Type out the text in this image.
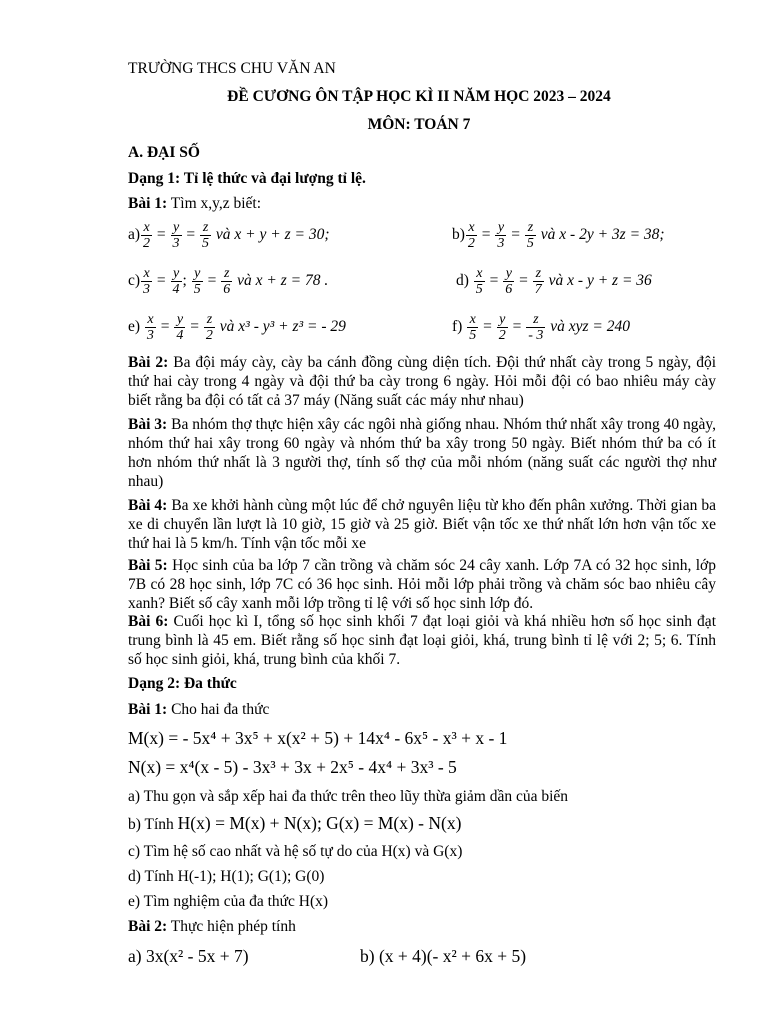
TRƯỜNG THCS CHU VĂN AN
ĐỀ CƯƠNG ÔN TẬP HỌC KÌ II NĂM HỌC 2023 – 2024
MÔN: TOÁN 7
A. ĐẠI SỐ
Dạng 1: Tỉ lệ thức và đại lượng tỉ lệ.
Bài 1: Tìm x,y,z biết:
$a) \frac{x}{2} = \frac{y}{3} = \frac{z}{5}$ và x + y + z = 30;	$b) \frac{x}{2} = \frac{y}{3} = \frac{z}{5}$ và x - 2y + 3z = 38;
$c) \frac{x}{3} = \frac{y}{4}$ ; $\frac{y}{5} = \frac{z}{6}$ và x + z = 78 .	$d) \frac{x}{5} = \frac{y}{6} = \frac{z}{7}$ và x - y + z = 36
$e) \frac{x}{3} = \frac{y}{4} = \frac{z}{2}$ và x³ - y³ + z³ = - 29	$f) \frac{x}{5} = \frac{y}{2} = \frac{z}{- 3}$ và xyz = 240
Bài 2: Ba đội máy cày, cày ba cánh đồng cùng diện tích. Đội thứ nhất cày trong 5 ngày, đội thứ hai cày trong 4 ngày và đội thứ ba cày trong 6 ngày. Hỏi mỗi đội có bao nhiêu máy cày biết rằng ba đội có tất cả 37 máy (Năng suất các máy như nhau)
Bài 3: Ba nhóm thợ thực hiện xây các ngôi nhà giống nhau. Nhóm thứ nhất xây trong 40 ngày, nhóm thứ hai xây trong 60 ngày và nhóm thứ ba xây trong 50 ngày. Biết nhóm thứ ba có ít hơn nhóm thứ nhất là 3 người thợ, tính số thợ của mỗi nhóm (năng suất các người thợ như nhau)
Bài 4: Ba xe khởi hành cùng một lúc để chở nguyên liệu từ kho đến phân xưởng. Thời gian ba xe di chuyển lần lượt là 10 giờ, 15 giờ và 25 giờ. Biết vận tốc xe thứ nhất lớn hơn vận tốc xe thứ hai là 5 km/h. Tính vận tốc mỗi xe
Bài 5: Học sinh của ba lớp 7 cần trồng và chăm sóc 24 cây xanh. Lớp 7A có 32 học sinh, lớp 7B có 28 học sinh, lớp 7C có 36 học sinh. Hỏi mỗi lớp phải trồng và chăm sóc bao nhiêu cây xanh? Biết số cây xanh mỗi lớp trồng tỉ lệ với số học sinh lớp đó.
Bài 6: Cuối học kì I, tổng số học sinh khối 7 đạt loại giỏi và khá nhiều hơn số học sinh đạt trung bình là 45 em. Biết rằng số học sinh đạt loại giỏi, khá, trung bình tỉ lệ với 2; 5; 6. Tính số học sinh giỏi, khá, trung bình của khối 7.
Dạng 2: Đa thức
Bài 1: Cho hai đa thức
M(x) = - 5x⁴ + 3x⁵ + x(x² + 5) + 14x⁴ - 6x⁵ - x³ + x - 1
N(x) = x⁴(x - 5) - 3x³ + 3x + 2x⁵ - 4x⁴ + 3x³ - 5
a) Thu gọn và sắp xếp hai đa thức trên theo lũy thừa giảm dần của biến
b) Tính H(x) = M(x) + N(x); G(x) = M(x) - N(x)
c) Tìm hệ số cao nhất và hệ số tự do của H(x) và G(x)
d) Tính H(-1); H(1); G(1); G(0)
e) Tìm nghiệm của đa thức H(x)
Bài 2: Thực hiện phép tính
a) 3x(x² - 5x + 7)	b) (x + 4)(- x² + 6x + 5)
